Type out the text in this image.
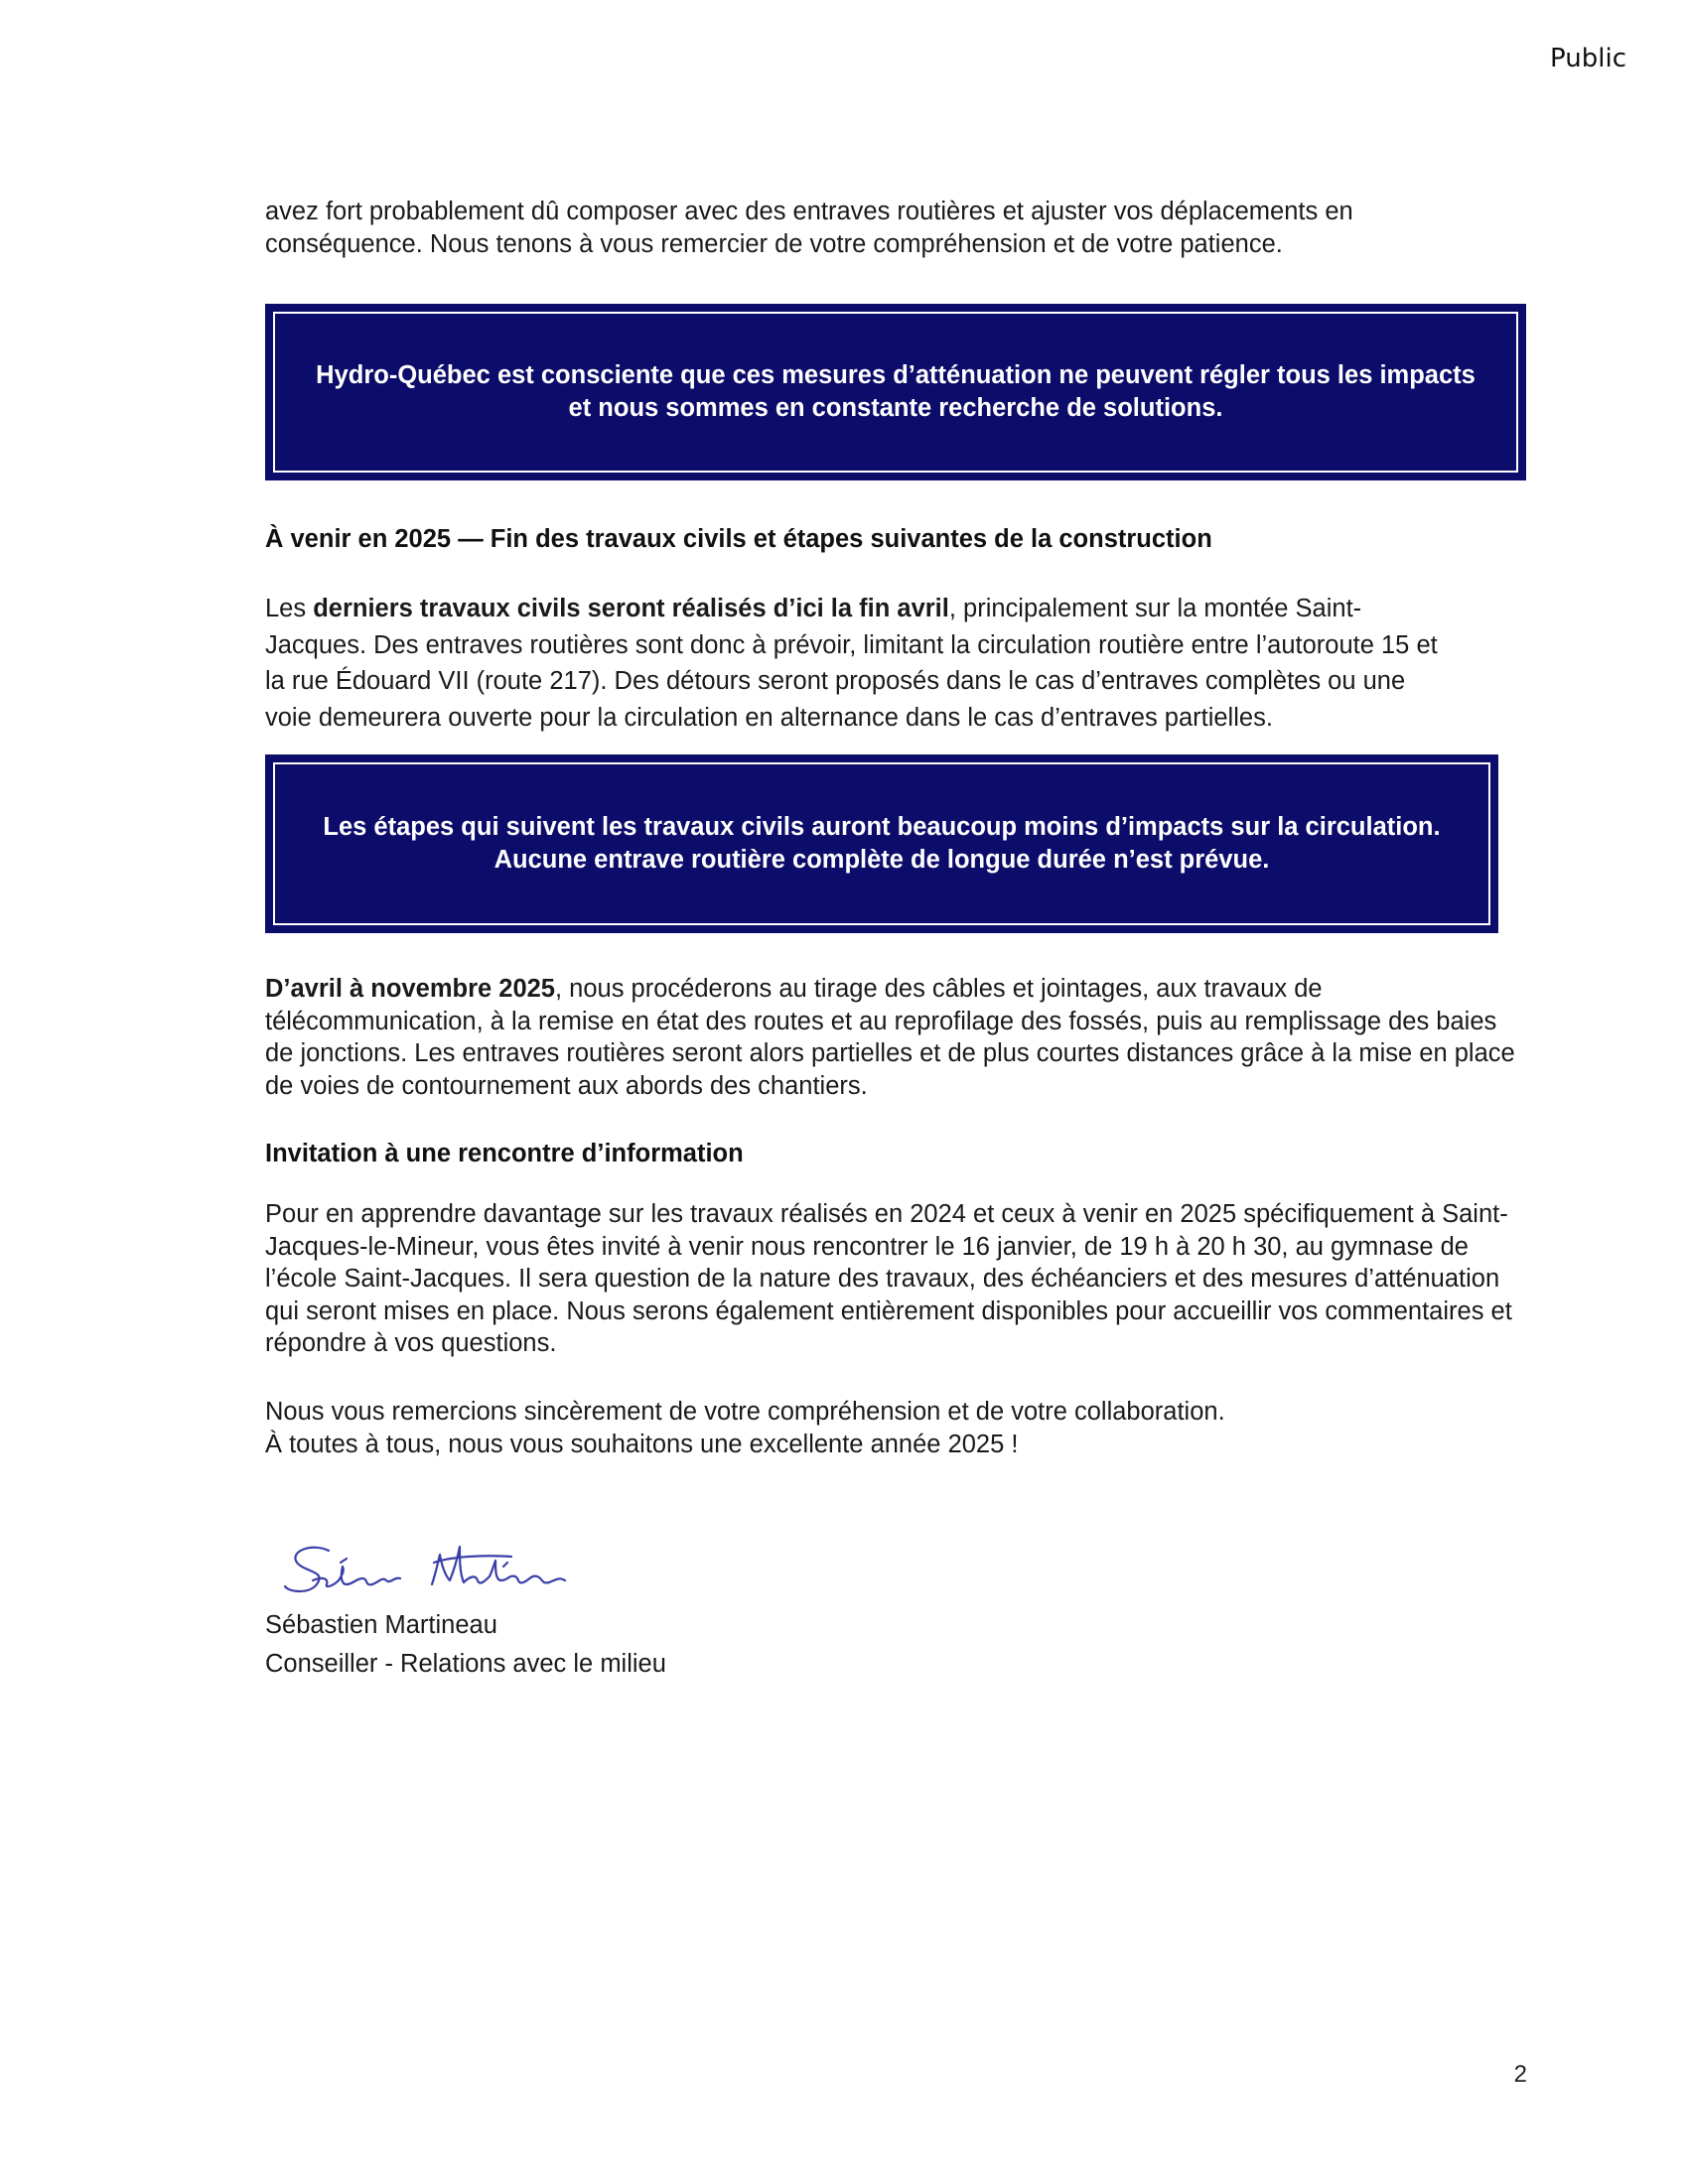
Public

avez fort probablement dû composer avec des entraves routières et ajuster vos déplacements en conséquence. Nous tenons à vous remercier de votre compréhension et de votre patience.

Hydro-Québec est consciente que ces mesures d’atténuation ne peuvent régler tous les impacts et nous sommes en constante recherche de solutions.
À venir en 2025 — Fin des travaux civils et étapes suivantes de la construction

Les derniers travaux civils seront réalisés d’ici la fin avril, principalement sur la montée Saint-Jacques. Des entraves routières sont donc à prévoir, limitant la circulation routière entre l’autoroute 15 et la rue Édouard VII (route 217). Des détours seront proposés dans le cas d’entraves complètes ou une voie demeurera ouverte pour la circulation en alternance dans le cas d’entraves partielles.

Les étapes qui suivent les travaux civils auront beaucoup moins d’impacts sur la circulation. Aucune entrave routière complète de longue durée n’est prévue.

D’avril à novembre 2025, nous procéderons au tirage des câbles et jointages, aux travaux de télécommunication, à la remise en état des routes et au reprofilage des fossés, puis au remplissage des baies de jonctions. Les entraves routières seront alors partielles et de plus courtes distances grâce à la mise en place de voies de contournement aux abords des chantiers.

Invitation à une rencontre d’information

Pour en apprendre davantage sur les travaux réalisés en 2024 et ceux à venir en 2025 spécifiquement à Saint-Jacques-le-Mineur, vous êtes invité à venir nous rencontrer le 16 janvier, de 19 h à 20 h 30, au gymnase de l’école Saint-Jacques. Il sera question de la nature des travaux, des échéanciers et des mesures d’atténuation qui seront mises en place. Nous serons également entièrement disponibles pour accueillir vos commentaires et répondre à vos questions.

Nous vous remercions sincèrement de votre compréhension et de votre collaboration.
À toutes à tous, nous vous souhaitons une excellente année 2025 !
Sébastien Martineau
Conseiller - Relations avec le milieu
2
